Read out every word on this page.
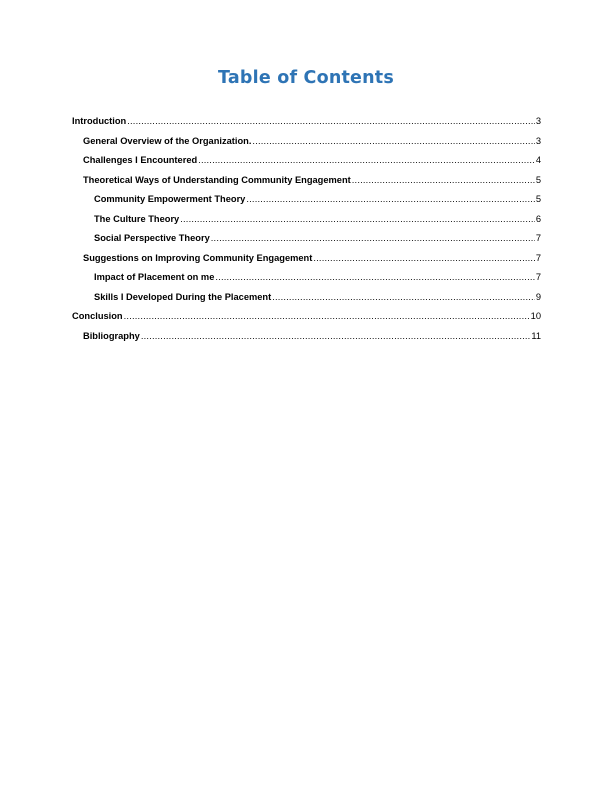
Table of Contents
Introduction .....	3
General Overview of the Organization. .....	3
Challenges I Encountered .....	4
Theoretical Ways of Understanding Community Engagement .....	5
Community Empowerment Theory .....	5
The Culture Theory .....	6
Social Perspective Theory .....	7
Suggestions on Improving Community Engagement .....	7
Impact of Placement on me .....	7
Skills I Developed During the Placement .....	9
Conclusion .....	10
Bibliography .....	11
